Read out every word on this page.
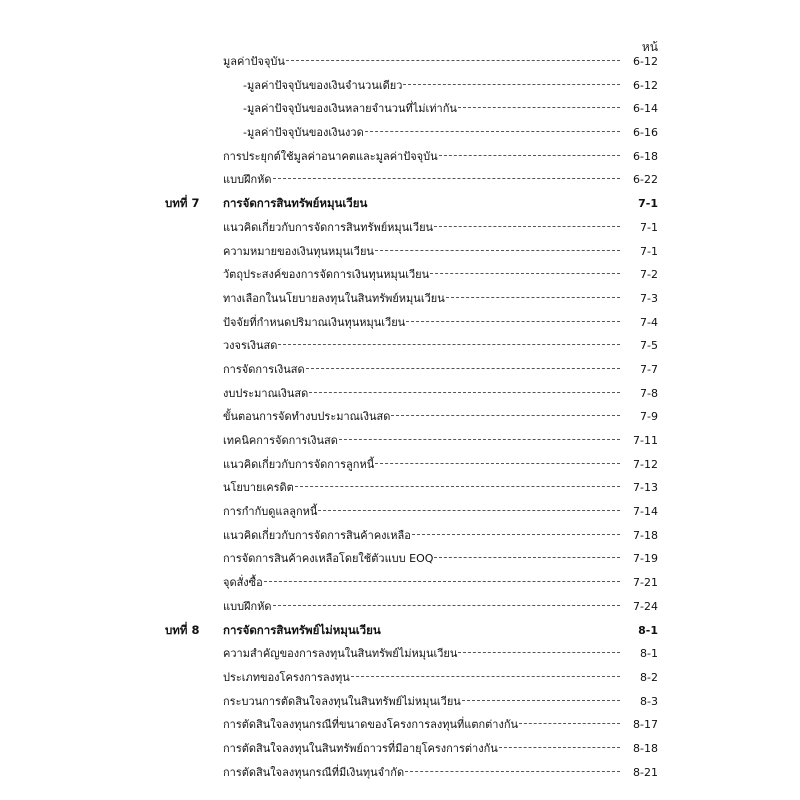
หน้
มูลค่าปัจจุบัน	6-12
-มูลค่าปัจจุบันของเงินจำนวนเดียว	6-12
-มูลค่าปัจจุบันของเงินหลายจำนวนที่ไม่เท่ากัน	6-14
-มูลค่าปัจจุบันของเงินงวด	6-16
การประยุกต์ใช้มูลค่าอนาคตและมูลค่าปัจจุบัน	6-18
แบบฝึกหัด	6-22
บทที่ 7 การจัดการสินทรัพย์หมุนเวียน	7-1
แนวคิดเกี่ยวกับการจัดการสินทรัพย์หมุนเวียน	7-1
ความหมายของเงินทุนหมุนเวียน	7-1
วัตถุประสงค์ของการจัดการเงินทุนหมุนเวียน	7-2
ทางเลือกในนโยบายลงทุนในสินทรัพย์หมุนเวียน	7-3
ปัจจัยที่กำหนดปริมาณเงินทุนหมุนเวียน	7-4
วงจรเงินสด	7-5
การจัดการเงินสด	7-7
งบประมาณเงินสด	7-8
ขั้นตอนการจัดทำงบประมาณเงินสด	7-9
เทคนิคการจัดการเงินสด	7-11
แนวคิดเกี่ยวกับการจัดการลูกหนี้	7-12
นโยบายเครดิต	7-13
การกำกับดูแลลูกหนี้	7-14
แนวคิดเกี่ยวกับการจัดการสินค้าคงเหลือ	7-18
การจัดการสินค้าคงเหลือโดยใช้ตัวแบบ EOQ	7-19
จุดสั่งซื้อ	7-21
แบบฝึกหัด	7-24
บทที่ 8 การจัดการสินทรัพย์ไม่หมุนเวียน	8-1
ความสำคัญของการลงทุนในสินทรัพย์ไม่หมุนเวียน	8-1
ประเภทของโครงการลงทุน	8-2
กระบวนการตัดสินใจลงทุนในสินทรัพย์ไม่หมุนเวียน	8-3
การตัดสินใจลงทุนกรณีที่ขนาดของโครงการลงทุนที่แตกต่างกัน	8-17
การตัดสินใจลงทุนในสินทรัพย์ถาวรที่มีอายุโครงการต่างกัน	8-18
การตัดสินใจลงทุนกรณีที่มีเงินทุนจำกัด	8-21
